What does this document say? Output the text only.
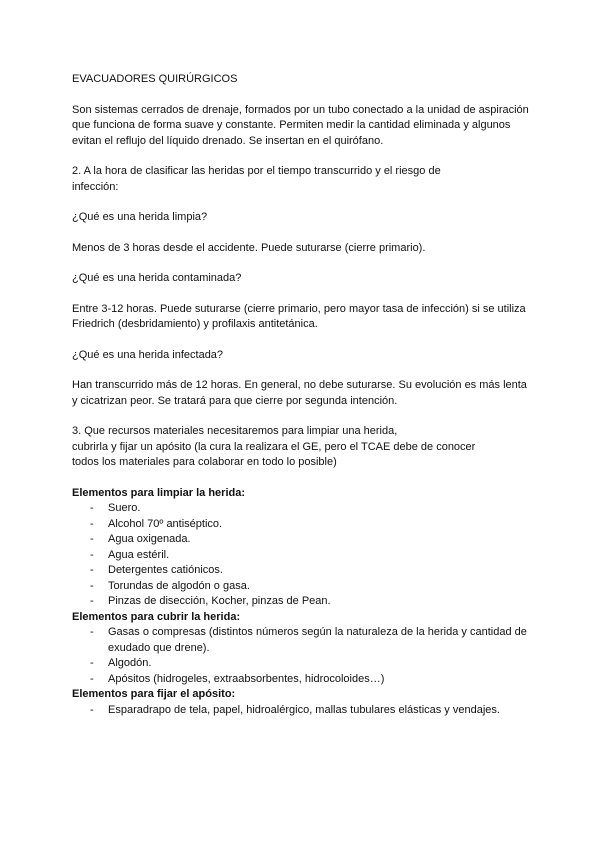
EVACUADORES QUIRÚRGICOS

Son sistemas cerrados de drenaje, formados por un tubo conectado a la unidad de aspiración que funciona de forma suave y constante. Permiten medir la cantidad eliminada y algunos evitan el reflujo del líquido drenado. Se insertan en el quirófano.

2. A la hora de clasificar las heridas por el tiempo transcurrido y el riesgo de
infección:

¿Qué es una herida limpia?

Menos de 3 horas desde el accidente. Puede suturarse (cierre primario).

¿Qué es una herida contaminada?

Entre 3-12 horas. Puede suturarse (cierre primario, pero mayor tasa de infección) si se utiliza Friedrich (desbridamiento) y profilaxis antitetánica.

¿Qué es una herida infectada?

Han transcurrido más de 12 horas. En general, no debe suturarse. Su evolución es más lenta y cicatrizan peor. Se tratará para que cierre por segunda intención.

3. Que recursos materiales necesitaremos para limpiar una herida,
cubrirla y fijar un apósito (la cura la realizara el GE, pero el TCAE debe de conocer
todos los materiales para colaborar en todo lo posible)

Elementos para limpiar la herida:

- Suero.
- Alcohol 70º antiséptico.
- Agua oxigenada.
- Agua estéril.
- Detergentes catiónicos.
- Torundas de algodón o gasa.
- Pinzas de disección, Kocher, pinzas de Pean.

Elementos para cubrir la herida:

- Gasas o compresas (distintos números según la naturaleza de la herida y cantidad de exudado que drene).
- Algodón.
- Apósitos (hidrogeles, extraabsorbentes, hidrocoloides…)

Elementos para fijar el apósito:

- Esparadrapo de tela, papel, hidroalérgico, mallas tubulares elásticas y vendajes.
